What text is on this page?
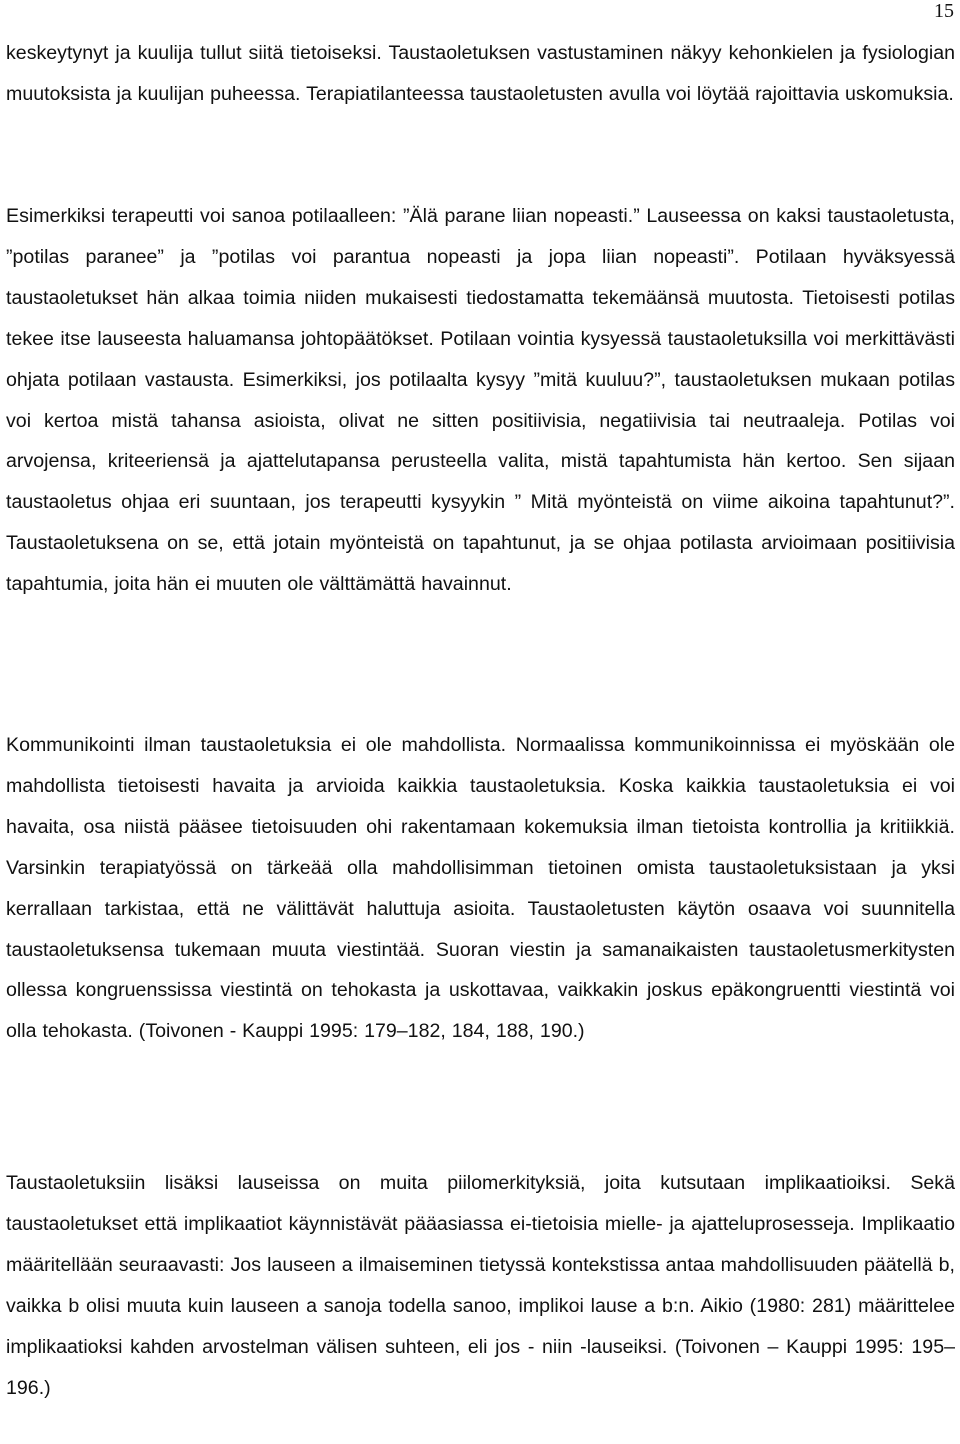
15

keskeytynyt ja kuulija tullut siitä tietoiseksi. Taustaoletuksen vastustaminen näkyy kehonkielen ja fysiologian muutoksista ja kuulijan puheessa. Terapiatilanteessa taustaoletusten avulla voi löytää rajoittavia uskomuksia.

Esimerkiksi terapeutti voi sanoa potilaalleen: ”Älä parane liian nopeasti.” Lauseessa on kaksi taustaoletusta, ”potilas paranee” ja ”potilas voi parantua nopeasti ja jopa liian nopeasti”. Potilaan hyväksyessä taustaoletukset hän alkaa toimia niiden mukaisesti tiedostamatta tekemäänsä muutosta. Tietoisesti potilas tekee itse lauseesta haluamansa johtopäätökset. Potilaan vointia kysyessä taustaoletuksilla voi merkittävästi ohjata potilaan vastausta. Esimerkiksi, jos potilaalta kysyy ”mitä kuuluu?”, taustaoletuksen mukaan potilas voi kertoa mistä tahansa asioista, olivat ne sitten positiivisia, negatiivisia tai neutraaleja. Potilas voi arvojensa, kriteeriensä ja ajattelutapansa perusteella valita, mistä tapahtumista hän kertoo. Sen sijaan taustaoletus ohjaa eri suuntaan, jos terapeutti kysyykin ” Mitä myönteistä on viime aikoina tapahtunut?”. Taustaoletuksena on se, että jotain myönteistä on tapahtunut, ja se ohjaa potilasta arvioimaan positiivisia tapahtumia, joita hän ei muuten ole välttämättä havainnut.

Kommunikointi ilman taustaoletuksia ei ole mahdollista. Normaalissa kommunikoinnissa ei myöskään ole mahdollista tietoisesti havaita ja arvioida kaikkia taustaoletuksia. Koska kaikkia taustaoletuksia ei voi havaita, osa niistä pääsee tietoisuuden ohi rakentamaan kokemuksia ilman tietoista kontrollia ja kritiikkiä. Varsinkin terapiatyössä on tärkeää olla mahdollisimman tietoinen omista taustaoletuksistaan ja yksi kerrallaan tarkistaa, että ne välittävät haluttuja asioita. Taustaoletusten käytön osaava voi suunnitella taustaoletuksensa tukemaan muuta viestintää. Suoran viestin ja samanaikaisten taustaoletusmerkitysten ollessa kongruenssissa viestintä on tehokasta ja uskottavaa, vaikkakin joskus epäkongruentti viestintä voi olla tehokasta. (Toivonen - Kauppi 1995: 179–182, 184, 188, 190.)

Taustaoletuksiin lisäksi lauseissa on muita piilomerkityksiä, joita kutsutaan implikaatioiksi. Sekä taustaoletukset että implikaatiot käynnistävät pääasiassa ei-tietoisia mielle- ja ajatteluprosesseja. Implikaatio määritellään seuraavasti: Jos lauseen a ilmaiseminen tietyssä kontekstissa antaa mahdollisuuden päätellä b, vaikka b olisi muuta kuin lauseen a sanoja todella sanoo, implikoi lause a b:n. Aikio (1980: 281) määrittelee implikaatioksi kahden arvostelman välisen suhteen, eli jos - niin -lauseiksi. (Toivonen – Kauppi 1995: 195–196.)
